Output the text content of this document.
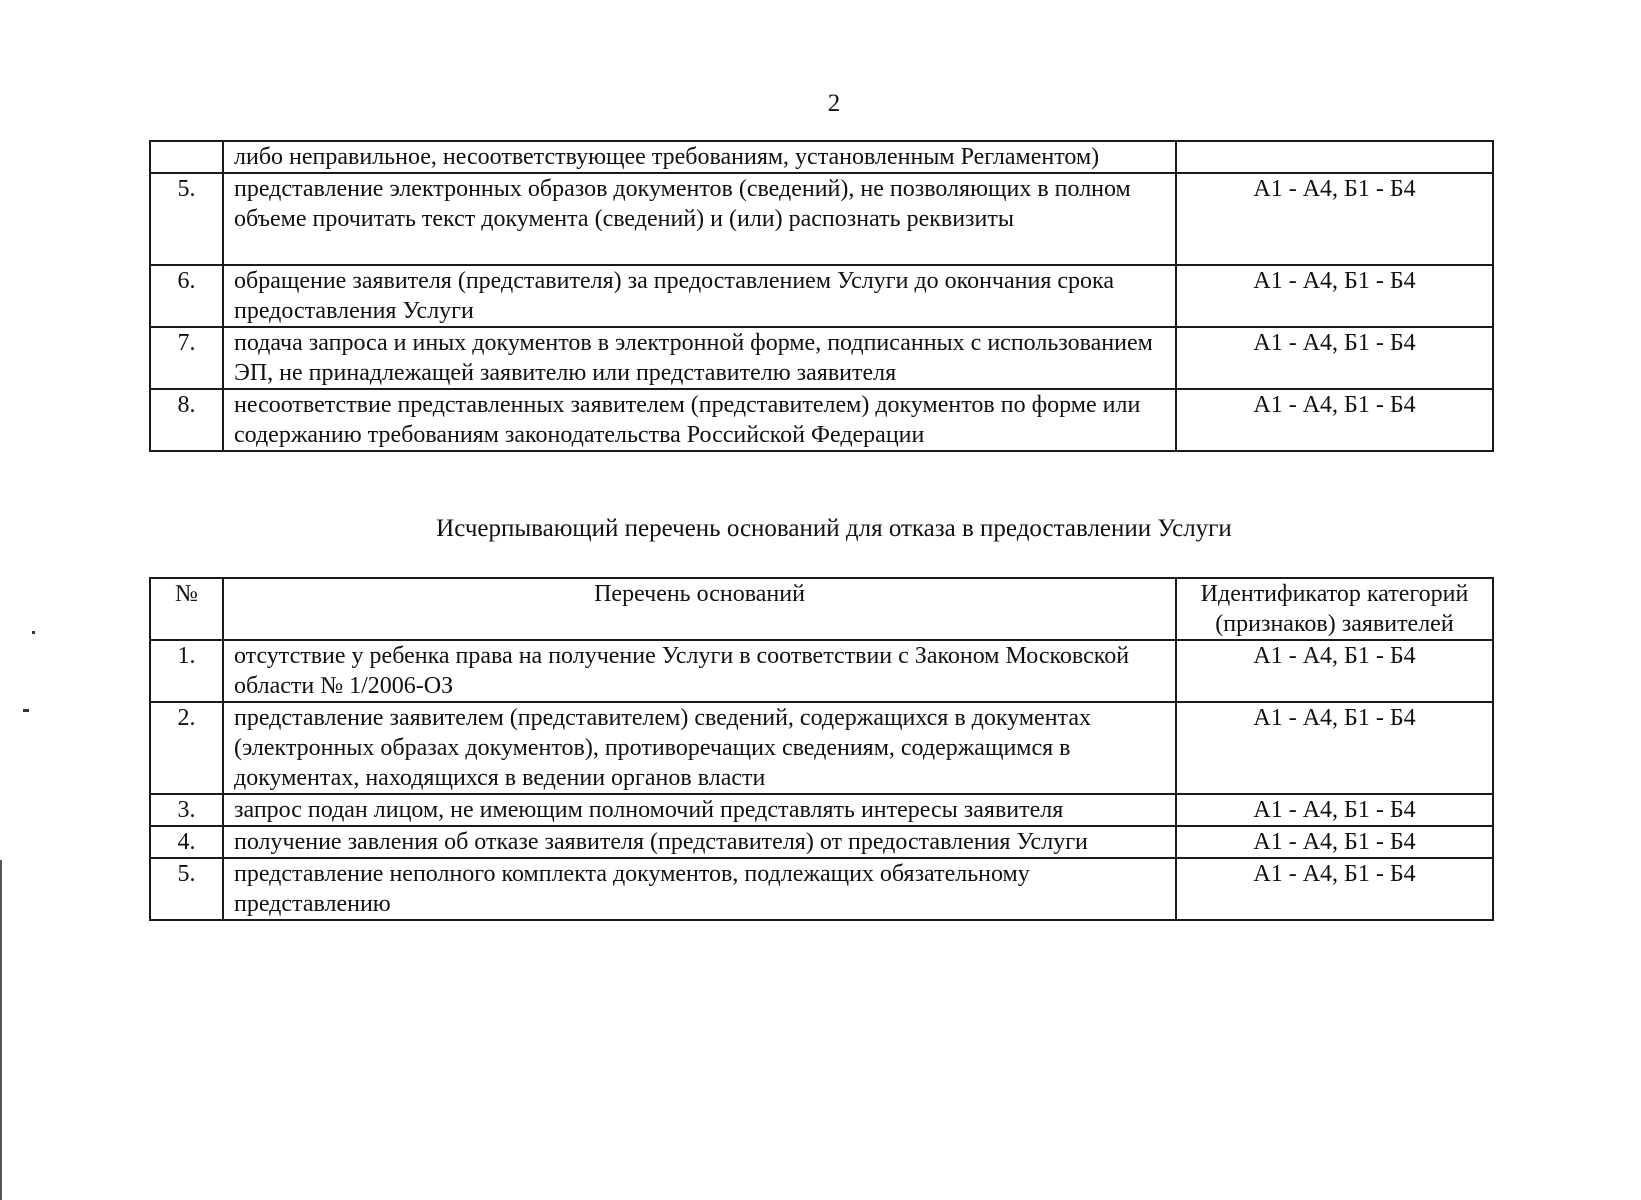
2
	либо неправильное, несоответствующее требованиям, установленным Регламентом)	
5.	представление электронных образов документов (сведений), не позволяющих в полном объеме прочитать текст документа (сведений) и (или) распознать реквизиты	А1 - А4, Б1 - Б4
6.	обращение заявителя (представителя) за предоставлением Услуги до окончания срока предоставления Услуги	А1 - А4, Б1 - Б4
7.	подача запроса и иных документов в электронной форме, подписанных с использованием ЭП, не принадлежащей заявителю или представителю заявителя	А1 - А4, Б1 - Б4
8.	несоответствие представленных заявителем (представителем) документов по форме или содержанию требованиям законодательства Российской Федерации	А1 - А4, Б1 - Б4
Исчерпывающий перечень оснований для отказа в предоставлении Услуги
№	Перечень оснований	Идентификатор категорий (признаков) заявителей
1.	отсутствие у ребенка права на получение Услуги в соответствии с Законом Московской области № 1/2006-ОЗ	А1 - А4, Б1 - Б4
2.	представление заявителем (представителем) сведений, содержащихся в документах (электронных образах документов), противоречащих сведениям, содержащимся в документах, находящихся в ведении органов власти	А1 - А4, Б1 - Б4
3.	запрос подан лицом, не имеющим полномочий представлять интересы заявителя	А1 - А4, Б1 - Б4
4.	получение завления об отказе заявителя (представителя) от предоставления Услуги	А1 - А4, Б1 - Б4
5.	представление неполного комплекта документов, подлежащих обязательному представлению	А1 - А4, Б1 - Б4
